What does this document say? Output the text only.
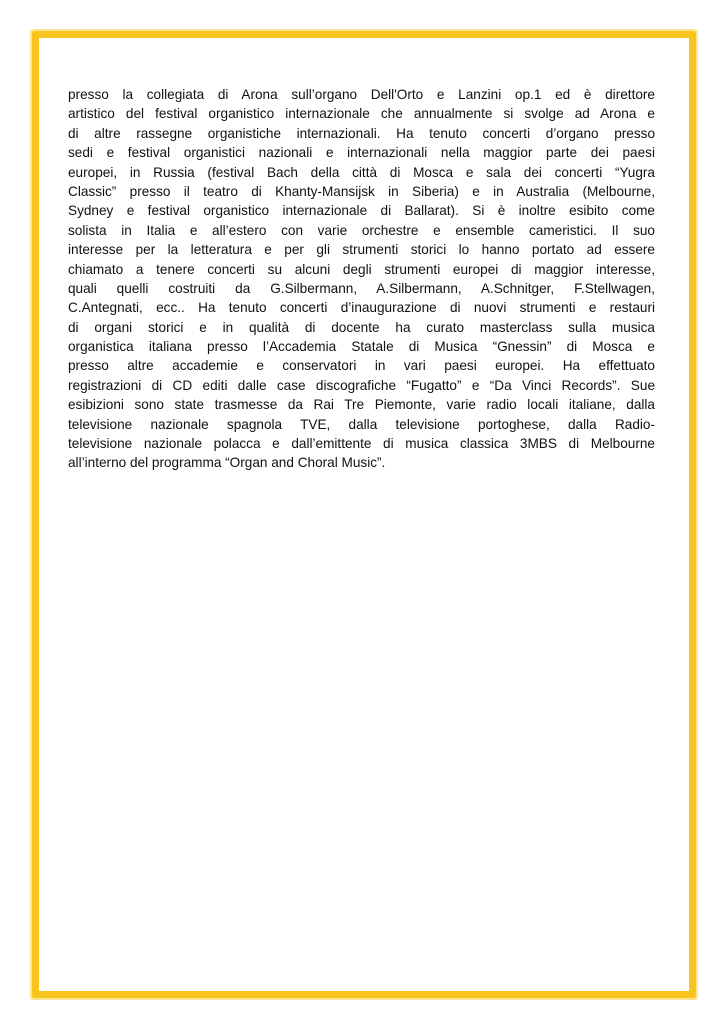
presso la collegiata di Arona sull’organo Dell'Orto e Lanzini op.1 ed è direttore
artistico del festival organistico internazionale che annualmente si svolge ad Arona e
di altre rassegne organistiche internazionali. Ha tenuto concerti d’organo presso
sedi e festival organistici nazionali e internazionali nella maggior parte dei paesi
europei, in Russia (festival Bach della città di Mosca e sala dei concerti “Yugra
Classic” presso il teatro di Khanty-Mansijsk in Siberia) e in Australia (Melbourne,
Sydney e festival organistico internazionale di Ballarat). Si è inoltre esibito come
solista in Italia e all’estero con varie orchestre e ensemble cameristici. Il suo
interesse per la letteratura e per gli strumenti storici lo hanno portato ad essere
chiamato a tenere concerti su alcuni degli strumenti europei di maggior interesse,
quali quelli costruiti da G.Silbermann, A.Silbermann, A.Schnitger, F.Stellwagen,
C.Antegnati, ecc.. Ha tenuto concerti d’inaugurazione di nuovi strumenti e restauri
di organi storici e in qualità di docente ha curato masterclass sulla musica
organistica italiana presso l’Accademia Statale di Musica “Gnessin” di Mosca e
presso altre accademie e conservatori in vari paesi europei. Ha effettuato
registrazioni di CD editi dalle case discografiche “Fugatto” e “Da Vinci Records”. Sue
esibizioni sono state trasmesse da Rai Tre Piemonte, varie radio locali italiane, dalla
televisione nazionale spagnola TVE, dalla televisione portoghese, dalla Radio-
televisione nazionale polacca e dall’emittente di musica classica 3MBS di Melbourne
all’interno del programma “Organ and Choral Music”.
